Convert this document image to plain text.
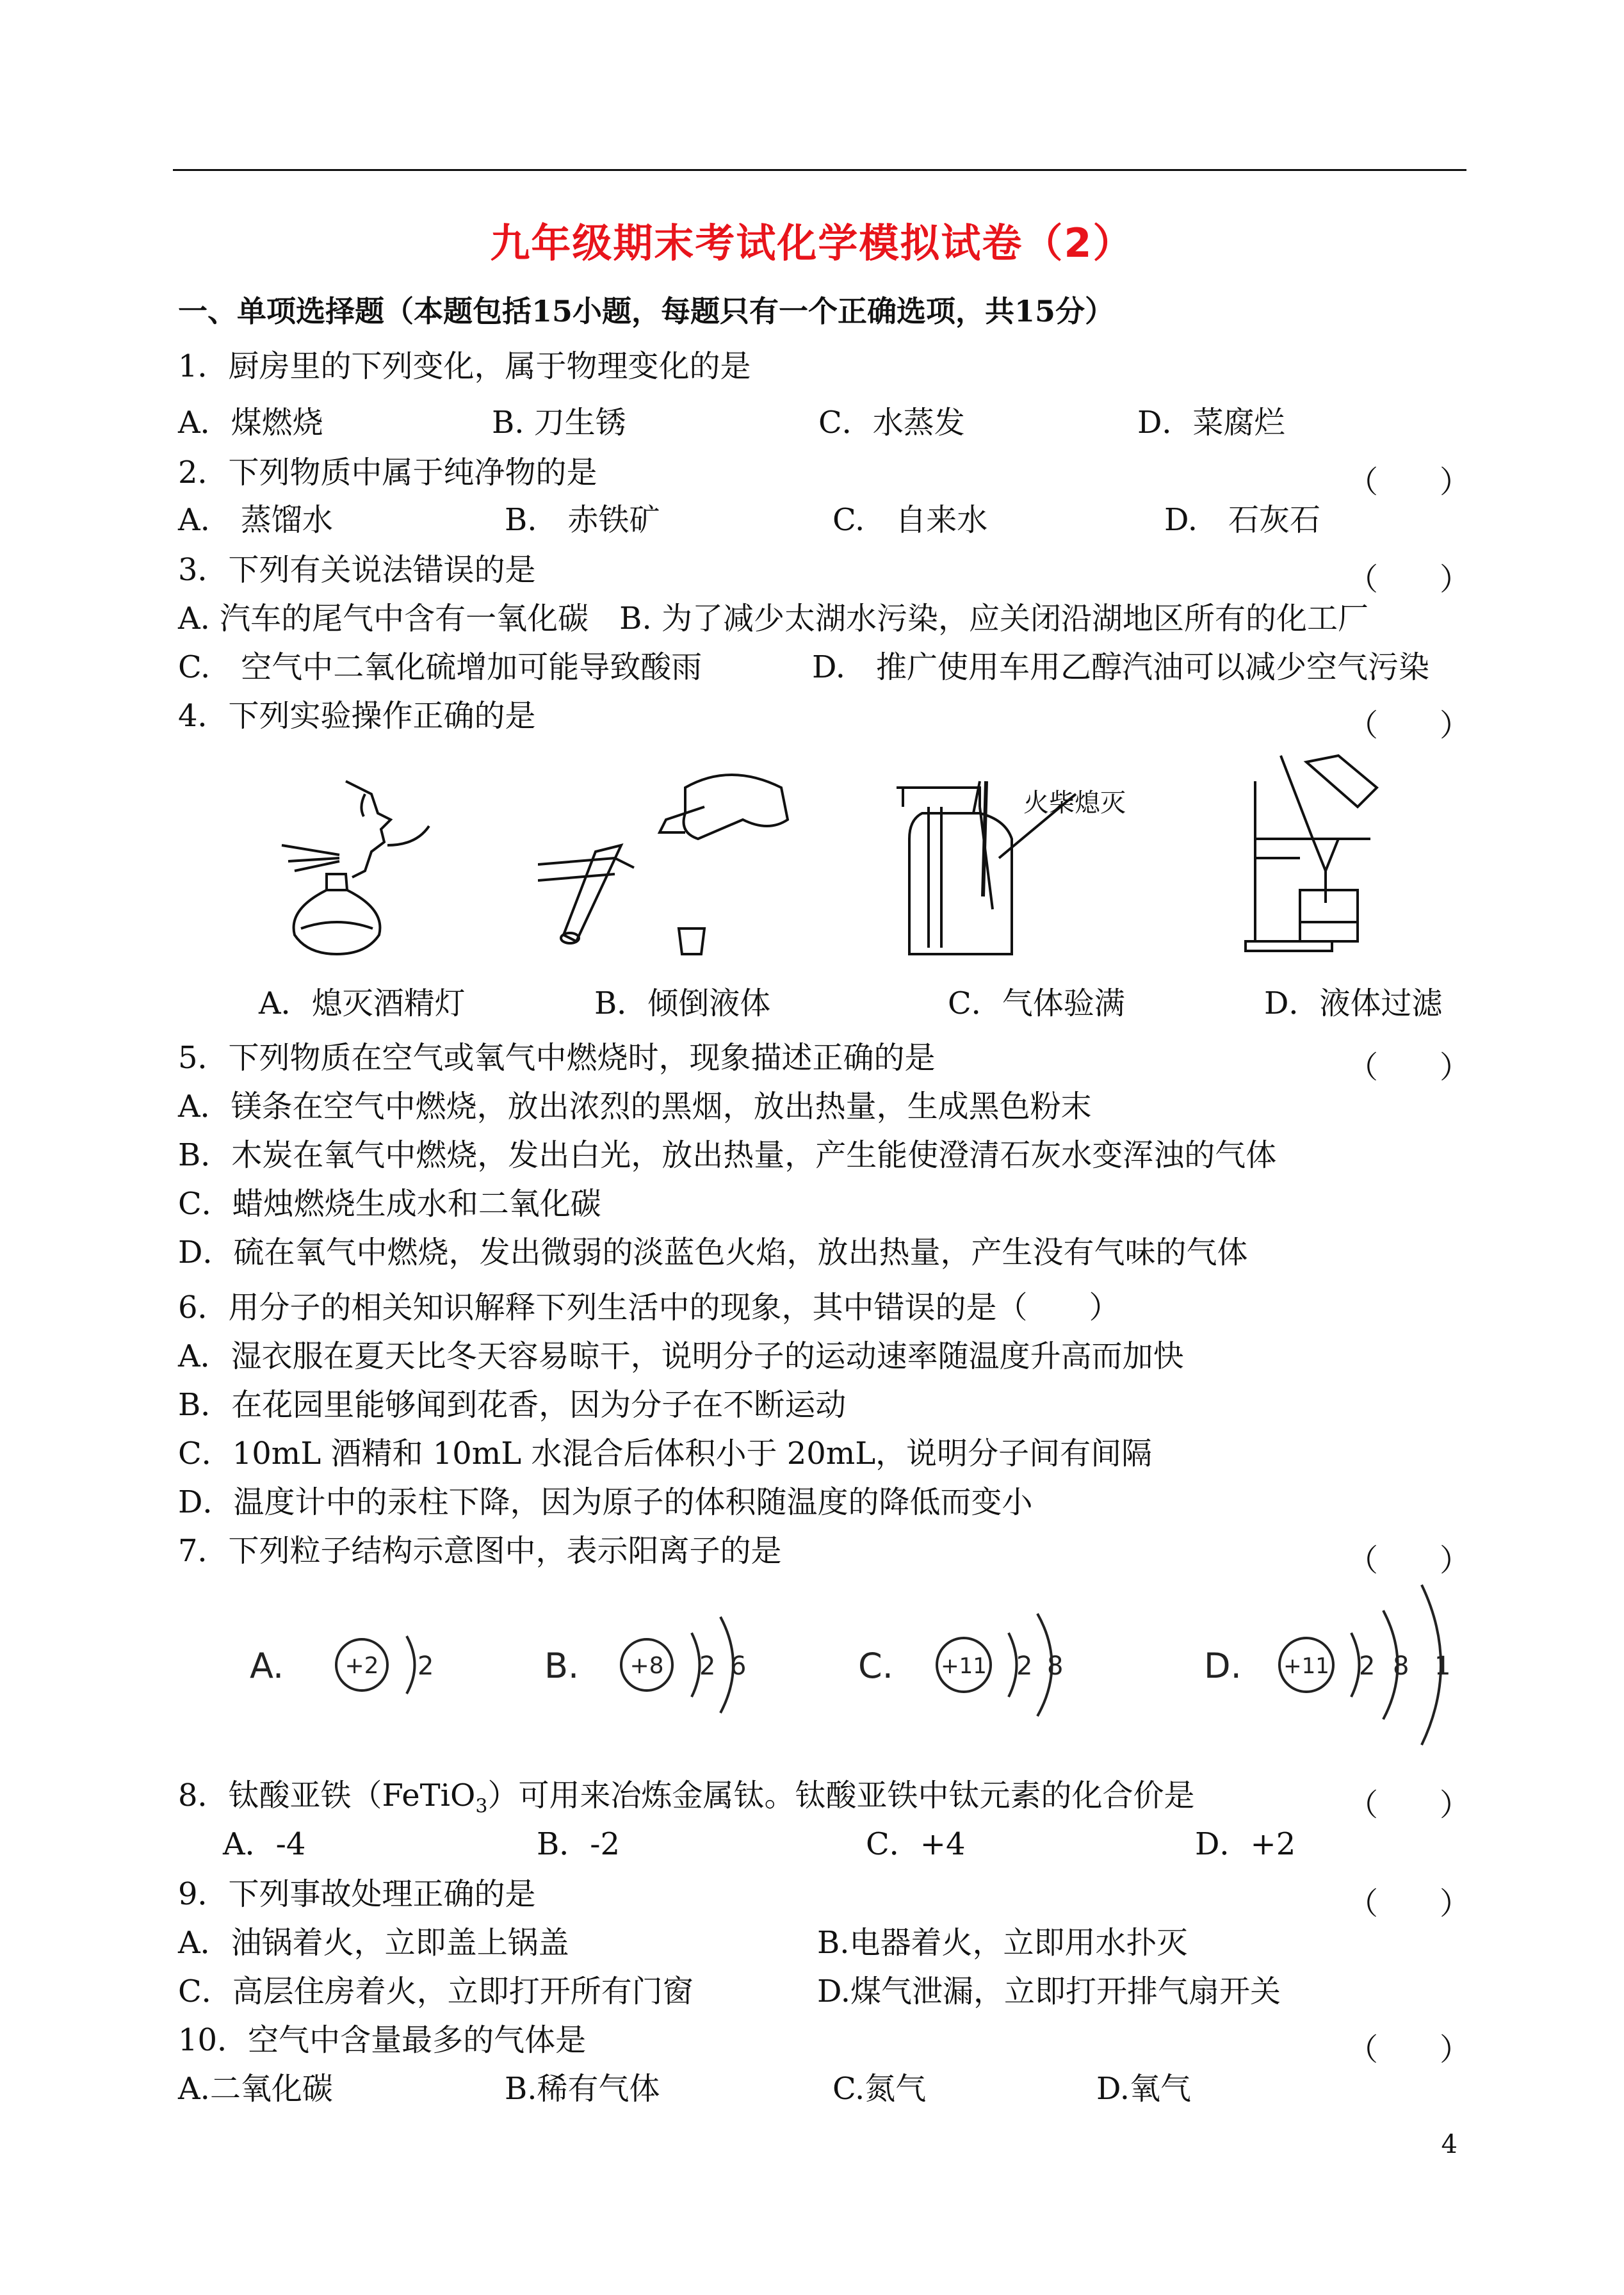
九年级期末考试化学模拟试卷（2）
一、单项选择题（本题包括15小题，每题只有一个正确选项，共15分）
1．厨房里的下列变化，属于物理变化的是
A．煤燃烧	B. 刀生锈	C．水蒸发	D．菜腐烂
2．下列物质中属于纯净物的是	（　　）
A.　蒸馏水	B.　赤铁矿	C.　自来水	D.　石灰石
3．下列有关说法错误的是	（　　）
A. 汽车的尾气中含有一氧化碳　B. 为了减少太湖水污染，应关闭沿湖地区所有的化工厂
C.　空气中二氧化硫增加可能导致酸雨	D.　推广使用车用乙醇汽油可以减少空气污染
4．下列实验操作正确的是	（　　）
火柴熄灭
A．熄灭酒精灯	B．倾倒液体	C．气体验满	D．液体过滤
5．下列物质在空气或氧气中燃烧时，现象描述正确的是	（　　）
A．镁条在空气中燃烧，放出浓烈的黑烟，放出热量，生成黑色粉末
B．木炭在氧气中燃烧，发出白光，放出热量，产生能使澄清石灰水变浑浊的气体
C．蜡烛燃烧生成水和二氧化碳
D．硫在氧气中燃烧，发出微弱的淡蓝色火焰，放出热量，产生没有气味的气体
6．用分子的相关知识解释下列生活中的现象，其中错误的是（　　）
A．湿衣服在夏天比冬天容易晾干，说明分子的运动速率随温度升高而加快
B．在花园里能够闻到花香，因为分子在不断运动
C．10mL 酒精和 10mL 水混合后体积小于 20mL，说明分子间有间隔
D．温度计中的汞柱下降，因为原子的体积随温度的降低而变小
7．下列粒子结构示意图中，表示阳离子的是	（　　）
A.	+2 2	B. +8 2 6	C. +11 2 8	D. +11 2 8 1
8．钛酸亚铁（FeTiO$_3$）可用来冶炼金属钛。钛酸亚铁中钛元素的化合价是	（　　）
A．-4	B．-2	C．+4	D．+2
9．下列事故处理正确的是	（　　）
A．油锅着火，立即盖上锅盖	B.电器着火，立即用水扑灭
C．高层住房着火，立即打开所有门窗	D.煤气泄漏，立即打开排气扇开关
10．空气中含量最多的气体是	（　　）
A.二氧化碳	B.稀有气体	C.氮气	D.氧气
4
